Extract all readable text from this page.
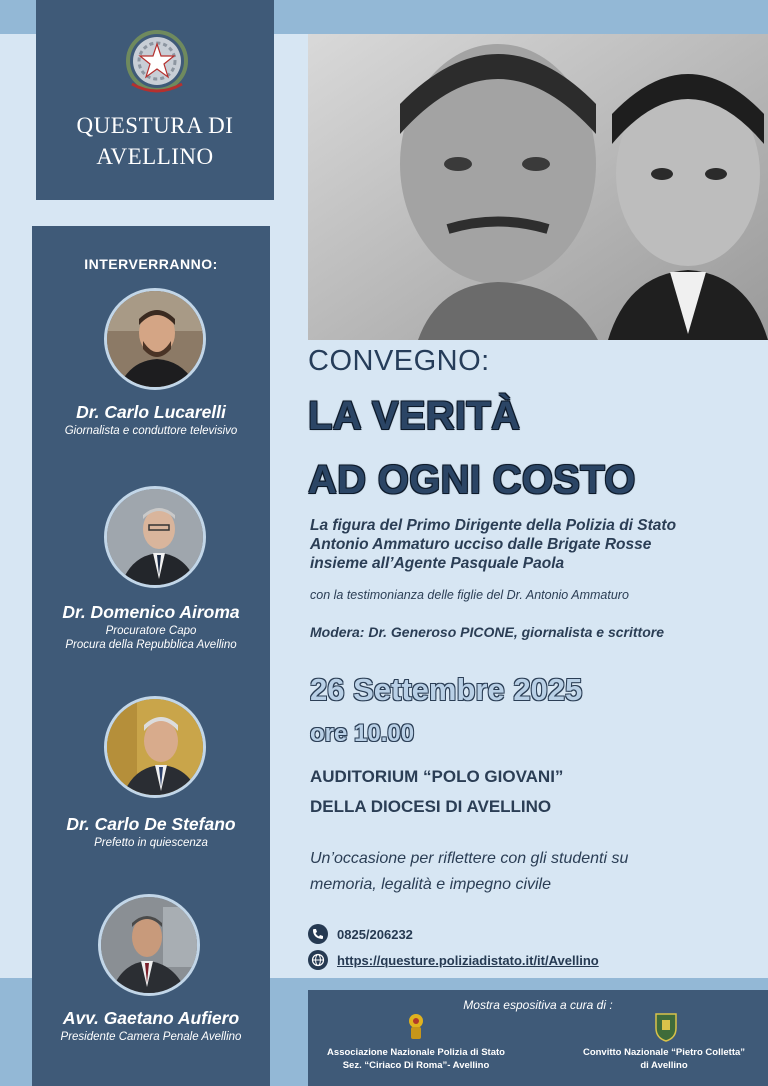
QUESTURA DI
AVELLINO
INTERVERRANNO:
Dr. Carlo Lucarelli
Giornalista e conduttore televisivo
Dr. Domenico Airoma
Procuratore Capo
Procura della Repubblica Avellino
Dr. Carlo De Stefano
Prefetto in quiescenza
Avv. Gaetano Aufiero
Presidente Camera Penale Avellino
CONVEGNO:
LA VERITÀ
AD OGNI COSTO
La figura del Primo Dirigente della Polizia di Stato
Antonio Ammaturo ucciso dalle Brigate Rosse
insieme all’Agente Pasquale Paola
con la testimonianza delle figlie del Dr. Antonio Ammaturo
Modera: Dr. Generoso PICONE, giornalista e scrittore
26 Settembre 2025
ore 10.00
AUDITORIUM “POLO GIOVANI”
DELLA DIOCESI DI AVELLINO
Un’occasione per riflettere con gli studenti su
memoria, legalità e impegno civile
0825/206232
https://questure.poliziadistato.it/it/Avellino
Mostra espositiva a cura di :
Associazione Nazionale Polizia di Stato
Sez. “Ciriaco Di Roma”- Avellino
Convitto Nazionale “Pietro Colletta”
di Avellino
